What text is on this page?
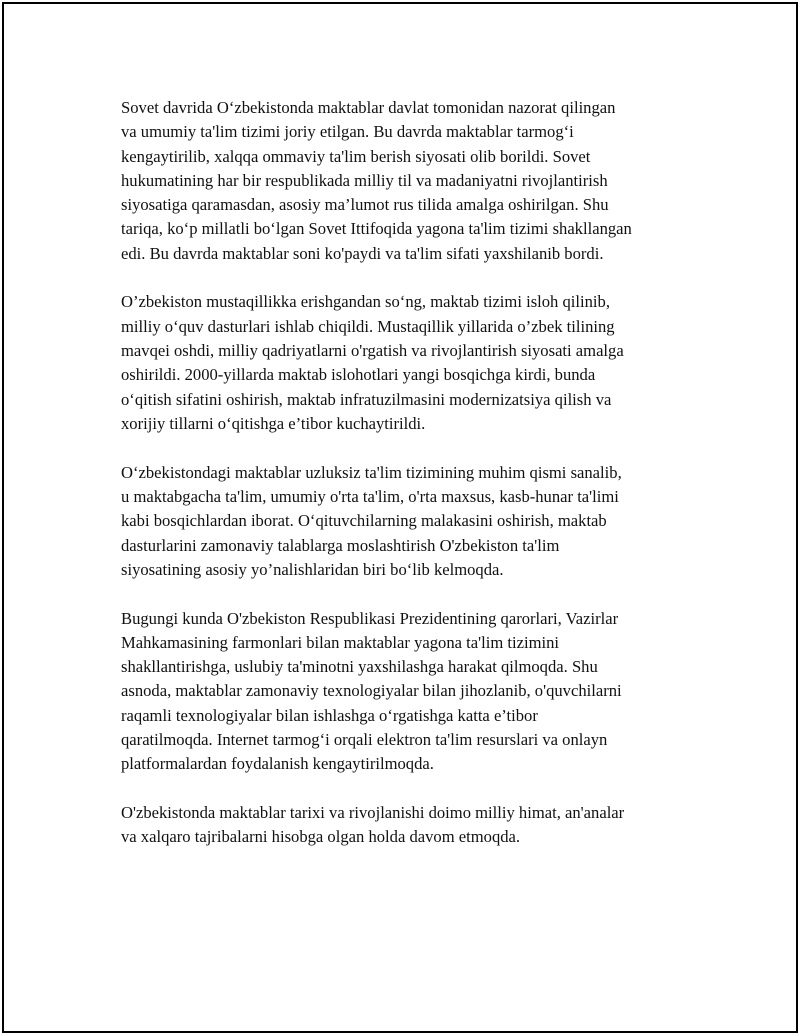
Sovet davrida O‘zbekistonda maktablar davlat tomonidan nazorat qilingan
va umumiy ta'lim tizimi joriy etilgan. Bu davrda maktablar tarmog‘i
kengaytirilib, xalqqa ommaviy ta'lim berish siyosati olib borildi. Sovet
hukumatining har bir respublikada milliy til va madaniyatni rivojlantirish
siyosatiga qaramasdan, asosiy ma’lumot rus tilida amalga oshirilgan. Shu
tariqa, ko‘p millatli bo‘lgan Sovet Ittifoqida yagona ta'lim tizimi shakllangan
edi. Bu davrda maktablar soni ko'paydi va ta'lim sifati yaxshilanib bordi.

O’zbekiston mustaqillikka erishgandan so‘ng, maktab tizimi isloh qilinib,
milliy o‘quv dasturlari ishlab chiqildi. Mustaqillik yillarida o’zbek tilining
mavqei oshdi, milliy qadriyatlarni o'rgatish va rivojlantirish siyosati amalga
oshirildi. 2000-yillarda maktab islohotlari yangi bosqichga kirdi, bunda
o‘qitish sifatini oshirish, maktab infratuzilmasini modernizatsiya qilish va
xorijiy tillarni o‘qitishga e’tibor kuchaytirildi.

O‘zbekistondagi maktablar uzluksiz ta'lim tizimining muhim qismi sanalib,
u maktabgacha ta'lim, umumiy o'rta ta'lim, o'rta maxsus, kasb-hunar ta'limi
kabi bosqichlardan iborat. O‘qituvchilarning malakasini oshirish, maktab
dasturlarini zamonaviy talablarga moslashtirish O'zbekiston ta'lim
siyosatining asosiy yo’nalishlaridan biri bo‘lib kelmoqda.

Bugungi kunda O'zbekiston Respublikasi Prezidentining qarorlari, Vazirlar
Mahkamasining farmonlari bilan maktablar yagona ta'lim tizimini
shakllantirishga, uslubiy ta'minotni yaxshilashga harakat qilmoqda. Shu
asnoda, maktablar zamonaviy texnologiyalar bilan jihozlanib, o'quvchilarni
raqamli texnologiyalar bilan ishlashga o‘rgatishga katta e’tibor
qaratilmoqda. Internet tarmog‘i orqali elektron ta'lim resurslari va onlayn
platformalardan foydalanish kengaytirilmoqda.

O'zbekistonda maktablar tarixi va rivojlanishi doimo milliy himat, an'analar
va xalqaro tajribalarni hisobga olgan holda davom etmoqda.
